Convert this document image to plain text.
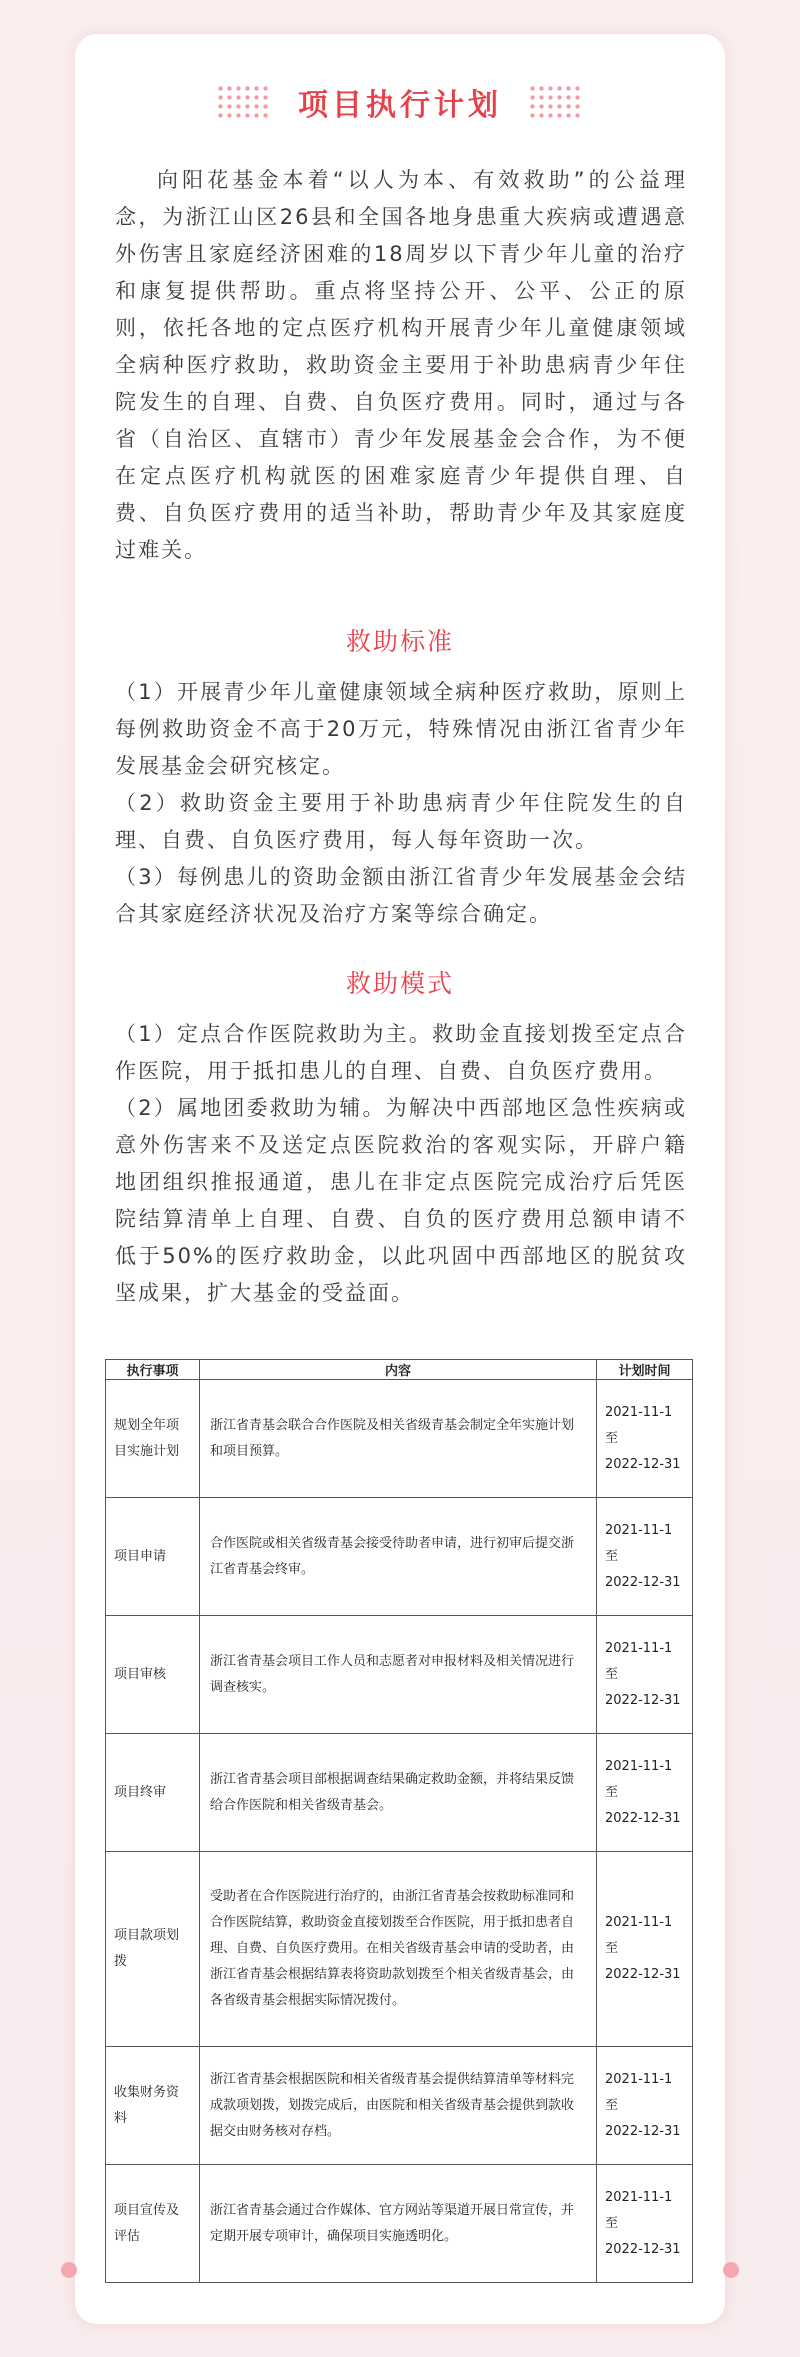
项目执行计划

向阳花基金本着“以人为本、有效救助”的公益理念，为浙江山区26县和全国各地身患重大疾病或遭遇意外伤害且家庭经济困难的18周岁以下青少年儿童的治疗和康复提供帮助。重点将坚持公开、公平、公正的原则，依托各地的定点医疗机构开展青少年儿童健康领域全病种医疗救助，救助资金主要用于补助患病青少年住院发生的自理、自费、自负医疗费用。同时，通过与各省（自治区、直辖市）青少年发展基金会合作，为不便在定点医疗机构就医的困难家庭青少年提供自理、自费、自负医疗费用的适当补助，帮助青少年及其家庭度过难关。

救助标准

（1）开展青少年儿童健康领域全病种医疗救助，原则上每例救助资金不高于20万元，特殊情况由浙江省青少年发展基金会研究核定。

（2）救助资金主要用于补助患病青少年住院发生的自理、自费、自负医疗费用，每人每年资助一次。

（3）每例患儿的资助金额由浙江省青少年发展基金会结合其家庭经济状况及治疗方案等综合确定。

救助模式

（1）定点合作医院救助为主。救助金直接划拨至定点合作医院，用于抵扣患儿的自理、自费、自负医疗费用。

（2）属地团委救助为辅。为解决中西部地区急性疾病或意外伤害来不及送定点医院救治的客观实际，开辟户籍地团组织推报通道，患儿在非定点医院完成治疗后凭医院结算清单上自理、自费、自负的医疗费用总额申请不低于50%的医疗救助金，以此巩固中西部地区的脱贫攻坚成果，扩大基金的受益面。

执行事项	内容	计划时间
规划全年项目实施计划	浙江省青基会联合合作医院及相关省级青基会制定全年实施计划和项目预算。	2021-11-1
至
2022-12-31

项目申请	合作医院或相关省级青基会接受待助者申请，进行初审后提交浙江省青基会终审。	2021-11-1
至
2022-12-31

项目审核	浙江省青基会项目工作人员和志愿者对申报材料及相关情况进行调查核实。	2021-11-1
至
2022-12-31

项目终审	浙江省青基会项目部根据调查结果确定救助金额，并将结果反馈给合作医院和相关省级青基会。	2021-11-1
至
2022-12-31

项目款项划拨	受助者在合作医院进行治疗的，由浙江省青基会按救助标准同和合作医院结算，救助资金直接划拨至合作医院，用于抵扣患者自理、自费、自负医疗费用。在相关省级青基会申请的受助者，由浙江省青基会根据结算表将资助款划拨至个相关省级青基会，由各省级青基会根据实际情况拨付。	2021-11-1
至
2022-12-31

收集财务资料	浙江省青基会根据医院和相关省级青基会提供结算清单等材料完成款项划拨，划拨完成后，由医院和相关省级青基会提供到款收据交由财务核对存档。	2021-11-1
至
2022-12-31

项目宣传及评估	浙江省青基会通过合作媒体、官方网站等渠道开展日常宣传，并定期开展专项审计，确保项目实施透明化。	2021-11-1
至
2022-12-31
